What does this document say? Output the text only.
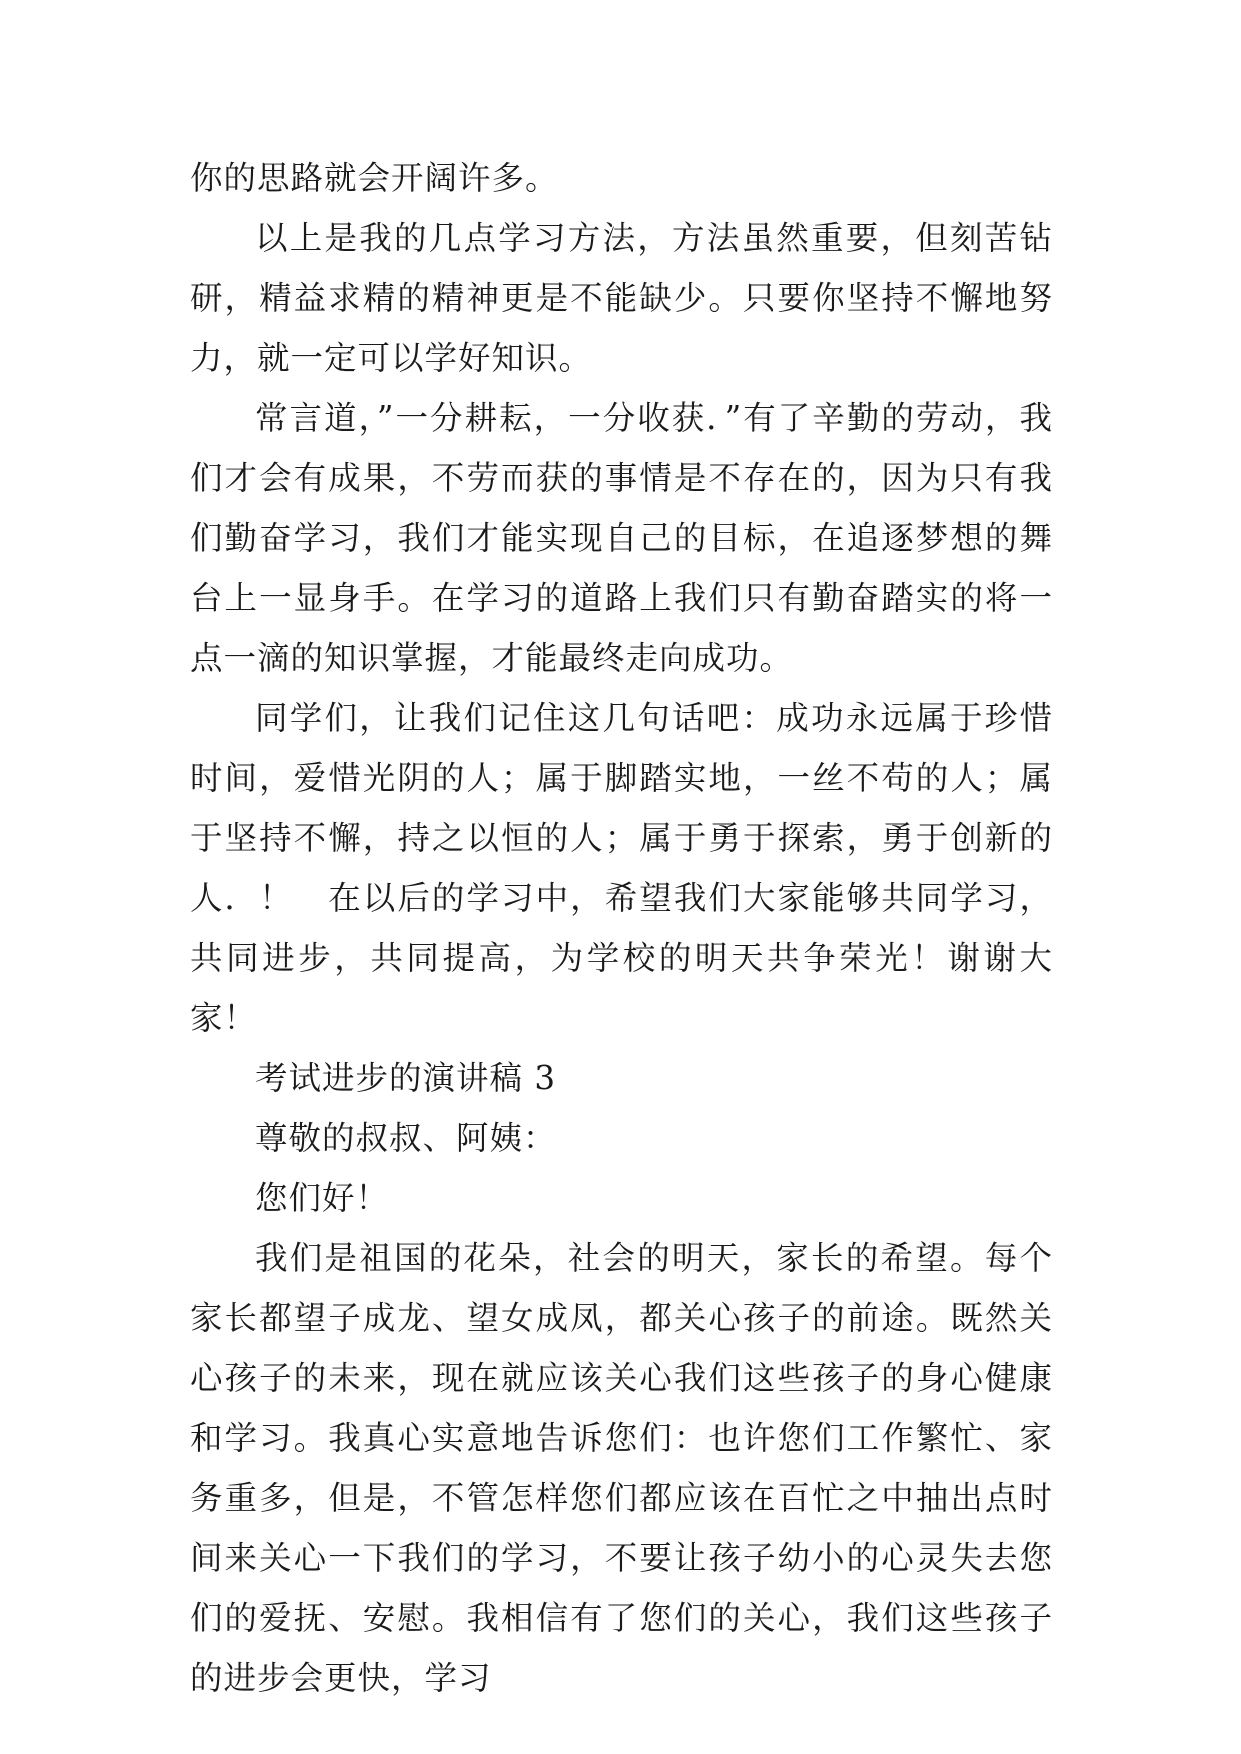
你的思路就会开阔许多。

以上是我的几点学习方法，方法虽然重要，但刻苦钻研，精益求精的精神更是不能缺少。只要你坚持不懈地努力，就一定可以学好知识。

常言道，”一分耕耘，一分收获．”有了辛勤的劳动，我们才会有成果，不劳而获的事情是不存在的，因为只有我们勤奋学习，我们才能实现自己的目标，在追逐梦想的舞台上一显身手。在学习的道路上我们只有勤奋踏实的将一点一滴的知识掌握，才能最终走向成功。

同学们，让我们记住这几句话吧：成功永远属于珍惜时间，爱惜光阴的人；属于脚踏实地，一丝不苟的人；属于坚持不懈，持之以恒的人；属于勇于探索，勇于创新的人．！　在以后的学习中，希望我们大家能够共同学习，共同进步，共同提高，为学校的明天共争荣光！谢谢大家！

考试进步的演讲稿 3

尊敬的叔叔、阿姨：

您们好！

我们是祖国的花朵，社会的明天，家长的希望。每个家长都望子成龙、望女成凤，都关心孩子的前途。既然关心孩子的未来，现在就应该关心我们这些孩子的身心健康和学习。我真心实意地告诉您们：也许您们工作繁忙、家务重多，但是，不管怎样您们都应该在百忙之中抽出点时间来关心一下我们的学习，不要让孩子幼小的心灵失去您们的爱抚、安慰。我相信有了您们的关心，我们这些孩子的进步会更快，学习
